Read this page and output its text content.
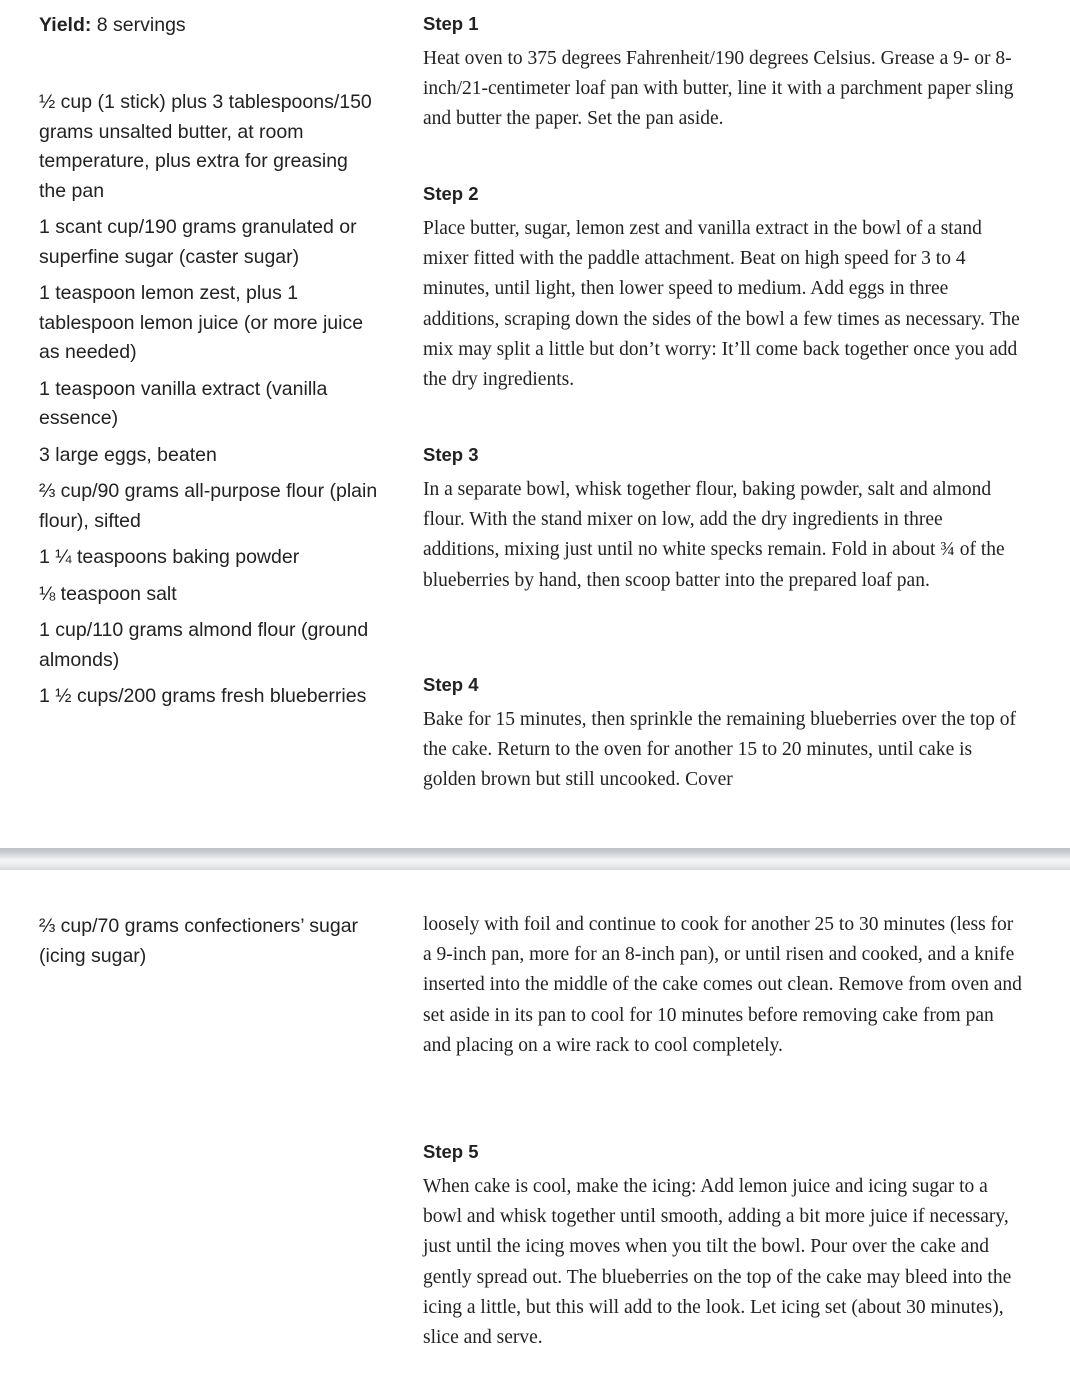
Yield: 8 servings

½ cup (1 stick) plus 3 tablespoons/150 grams unsalted butter, at room temperature, plus extra for greasing the pan
1 scant cup/190 grams granulated or superfine sugar (caster sugar)
1 teaspoon lemon zest, plus 1 tablespoon lemon juice (or more juice as needed)
1 teaspoon vanilla extract (vanilla essence)
3 large eggs, beaten
⅔ cup/90 grams all-purpose flour (plain flour), sifted
1 ¼ teaspoons baking powder
⅛ teaspoon salt
1 cup/110 grams almond flour (ground almonds)
1 ½ cups/200 grams fresh blueberries
Step 1

Heat oven to 375 degrees Fahrenheit/190 degrees Celsius. Grease a 9- or 8-inch/21-centimeter loaf pan with butter, line it with a parchment paper sling and butter the paper. Set the pan aside.

Step 2

Place butter, sugar, lemon zest and vanilla extract in the bowl of a stand mixer fitted with the paddle attachment. Beat on high speed for 3 to 4 minutes, until light, then lower speed to medium. Add eggs in three additions, scraping down the sides of the bowl a few times as necessary. The mix may split a little but don’t worry: It’ll come back together once you add the dry ingredients.

Step 3

In a separate bowl, whisk together flour, baking powder, salt and almond flour. With the stand mixer on low, add the dry ingredients in three additions, mixing just until no white specks remain. Fold in about ¾ of the blueberries by hand, then scoop batter into the prepared loaf pan.

Step 4

Bake for 15 minutes, then sprinkle the remaining blueberries over the top of the cake. Return to the oven for another 15 to 20 minutes, until cake is golden brown but still uncooked. Cover

⅔ cup/70 grams confectioners’ sugar (icing sugar)

loosely with foil and continue to cook for another 25 to 30 minutes (less for a 9-inch pan, more for an 8-inch pan), or until risen and cooked, and a knife inserted into the middle of the cake comes out clean. Remove from oven and set aside in its pan to cool for 10 minutes before removing cake from pan and placing on a wire rack to cool completely.

Step 5

When cake is cool, make the icing: Add lemon juice and icing sugar to a bowl and whisk together until smooth, adding a bit more juice if necessary, just until the icing moves when you tilt the bowl. Pour over the cake and gently spread out. The blueberries on the top of the cake may bleed into the icing a little, but this will add to the look. Let icing set (about 30 minutes), slice and serve.
